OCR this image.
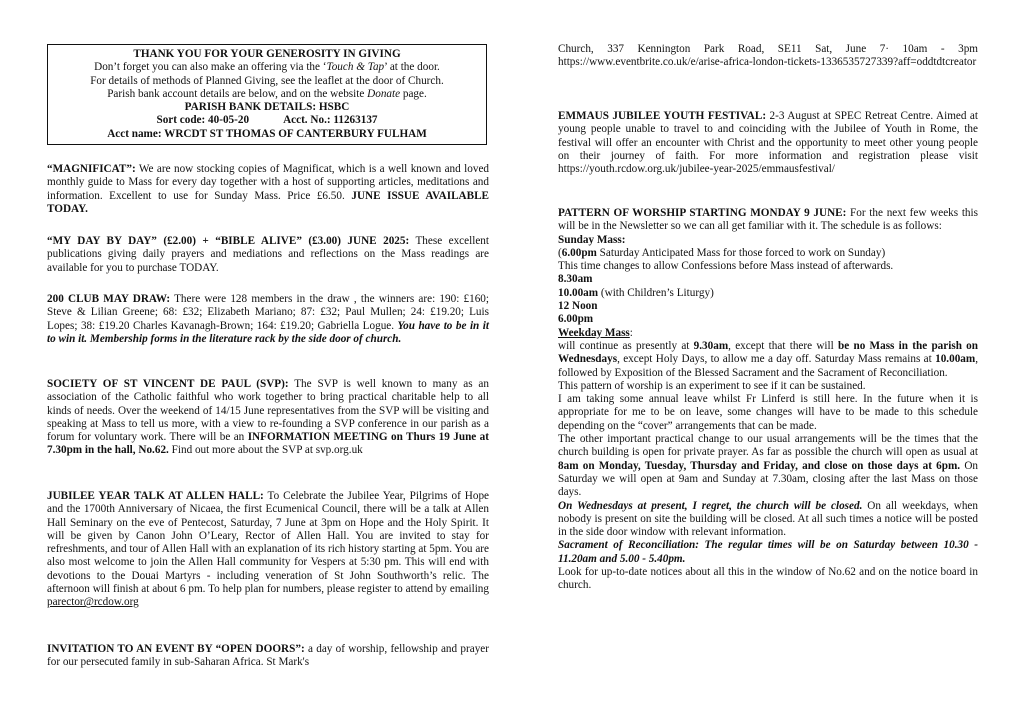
THANK YOU FOR YOUR GENEROSITY IN GIVING

Don’t forget you can also make an offering via the ‘Touch & Tap’ at the door.

For details of methods of Planned Giving, see the leaflet at the door of Church.

Parish bank account details are below, and on the website Donate page.

PARISH BANK DETAILS: HSBC

Sort code: 40-05-20	Acct. No.: 11263137

Acct name: WRCDT ST THOMAS OF CANTERBURY FULHAM

“MAGNIFICAT”: We are now stocking copies of Magnificat, which is a well known and loved monthly guide to Mass for every day together with a host of supporting articles, meditations and information. Excellent to use for Sunday Mass. Price £6.50. JUNE ISSUE AVAILABLE TODAY.

“MY DAY BY DAY” (£2.00) + “BIBLE ALIVE” (£3.00) JUNE 2025: These excellent publications giving daily prayers and mediations and reflections on the Mass readings are available for you to purchase TODAY.

200 CLUB MAY DRAW: There were 128 members in the draw , the winners are: 190: £160; Steve & Lilian Greene; 68: £32; Elizabeth Mariano; 87: £32; Paul Mullen; 24: £19.20; Luis Lopes; 38: £19.20 Charles Kavanagh-Brown; 164: £19.20; Gabriella Logue. You have to be in it to win it. Membership forms in the literature rack by the side door of church.

SOCIETY OF ST VINCENT DE PAUL (SVP): The SVP is well known to many as an association of the Catholic faithful who work together to bring practical charitable help to all kinds of needs. Over the weekend of 14/15 June representatives from the SVP will be visiting and speaking at Mass to tell us more, with a view to re-founding a SVP conference in our parish as a forum for voluntary work. There will be an INFORMATION MEETING on Thurs 19 June at 7.30pm in the hall, No.62. Find out more about the SVP at svp.org.uk

JUBILEE YEAR TALK AT ALLEN HALL: To Celebrate the Jubilee Year, Pilgrims of Hope and the 1700th Anniversary of Nicaea, the first Ecumenical Council, there will be a talk at Allen Hall Seminary on the eve of Pentecost, Saturday, 7 June at 3pm on Hope and the Holy Spirit. It will be given by Canon John O’Leary, Rector of Allen Hall. You are invited to stay for refreshments, and tour of Allen Hall with an explanation of its rich history starting at 5pm. You are also most welcome to join the Allen Hall community for Vespers at 5:30 pm. This will end with devotions to the Douai Martyrs - including veneration of St John Southworth’s relic. The afternoon will finish at about 6 pm. To help plan for numbers, please register to attend by emailing parector@rcdow.org

INVITATION TO AN EVENT BY “OPEN DOORS”: a day of worship, fellowship and prayer for our persecuted family in sub-Saharan Africa. St Mark's

Church, 337 Kennington Park Road, SE11 Sat, June 7· 10am - 3pm https://www.eventbrite.co.uk/e/arise-africa-london-tickets-1336535727339?aff=oddtdtcreator

EMMAUS JUBILEE YOUTH FESTIVAL: 2-3 August at SPEC Retreat Centre. Aimed at young people unable to travel to and coinciding with the Jubilee of Youth in Rome, the festival will offer an encounter with Christ and the opportunity to meet other young people on their journey of faith. For more information and registration please visit https://youth.rcdow.org.uk/jubilee-year-2025/emmausfestival/

PATTERN OF WORSHIP STARTING MONDAY 9 JUNE: For the next few weeks this will be in the Newsletter so we can all get familiar with it. The schedule is as follows:

Sunday Mass:

(6.00pm Saturday Anticipated Mass for those forced to work on Sunday)

This time changes to allow Confessions before Mass instead of afterwards.

8.30am

10.00am (with Children’s Liturgy)

12 Noon

6.00pm

Weekday Mass:

will continue as presently at 9.30am, except that there will be no Mass in the parish on Wednesdays, except Holy Days, to allow me a day off. Saturday Mass remains at 10.00am, followed by Exposition of the Blessed Sacrament and the Sacrament of Reconciliation.

This pattern of worship is an experiment to see if it can be sustained.

I am taking some annual leave whilst Fr Linferd is still here. In the future when it is appropriate for me to be on leave, some changes will have to be made to this schedule depending on the “cover” arrangements that can be made.

The other important practical change to our usual arrangements will be the times that the church building is open for private prayer. As far as possible the church will open as usual at 8am on Monday, Tuesday, Thursday and Friday, and close on those days at 6pm. On Saturday we will open at 9am and Sunday at 7.30am, closing after the last Mass on those days.

On Wednesdays at present, I regret, the church will be closed. On all weekdays, when nobody is present on site the building will be closed. At all such times a notice will be posted in the side door window with relevant information.

Sacrament of Reconciliation: The regular times will be on Saturday between 10.30 - 11.20am and 5.00 - 5.40pm.

Look for up-to-date notices about all this in the window of No.62 and on the notice board in church.
